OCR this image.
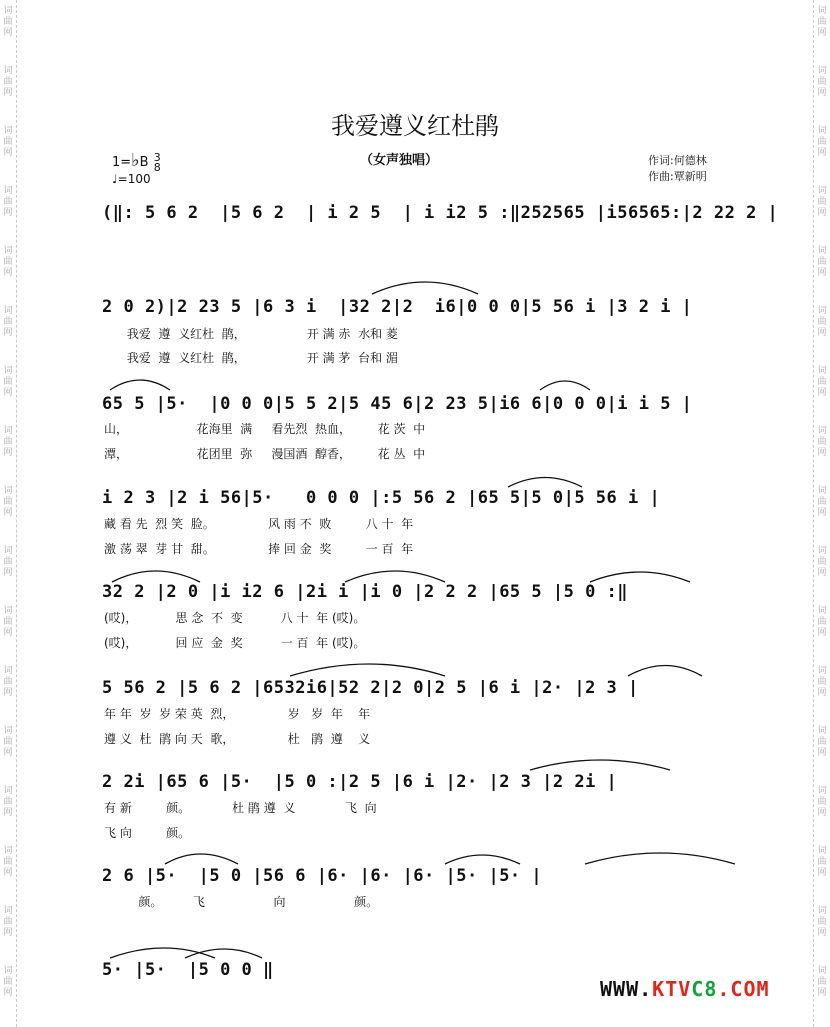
词曲网
词曲网
词曲网
词曲网
词曲网
词曲网
词曲网
词曲网
词曲网
词曲网
词曲网
词曲网
词曲网
词曲网
词曲网
词曲网
词曲网
词曲网
词曲网
词曲网
词曲网
词曲网
词曲网
词曲网
词曲网
词曲网
词曲网
词曲网
词曲网
词曲网
词曲网
词曲网
词曲网
词曲网
我爱遵义红杜鹃
（女声独唱）	作词:何德林
作曲:覃新明
1=♭B 3
8
♩=100
(‖: 5 6 2  |5 6 2  | i 2 5  | i i2 5 :‖252565 |i56565:|2 22 2 |
2 0 2)|2 23 5 |6 3 i  |32 2|2  i6|0 0 0|5 56 i |3 2 i |
我爱  遵  义红杜  鹃，                开 满 赤  水和 菱
我爱  遵  义红杜  鹃，                开 满 茅  台和 湄
65 5 |5·  |0 0 0|5 5 2|5 45 6|2 23 5|i6 6|0 0 0|i i 5 |
山，                  花海里  满     看先烈  热血，       花 茨  中
潭，                  花团里  弥     漫国酒  醇香，       花 丛  中
i 2 3 |2 i 56|5·   0 0 0 |:5 56 2 |65 5|5 0|5 56 i |
藏 看 先  烈 笑  脸。              风 雨 不  败         八 十  年
激 荡 翠  芽 甘  甜。              捧 回 金  奖         一 百  年
32 2 |2 0 |i i2 6 |2i i |i 0 |2 2 2 |65 5 |5 0 :‖
(哎)，          思 念  不  变          八 十  年 (哎)。
(哎)，          回 应  金  奖          一 百  年 (哎)。
5 56 2 |5 6 2 |6532i6|52 2|2 0|2 5 |6 i |2· |2 3 |
年 年  岁  岁 荣 英  烈，              岁   岁  年    年
遵 义  杜  鹃 向 天  歌，              杜   鹃  遵    义
2 2i |65 6 |5·  |5 0 :|2 5 |6 i |2· |2 3 |2 2i |
有 新         颜。           杜 鹃 遵  义             飞  向
飞 向         颜。
2 6 |5·  |5 0 |56 6 |6· |6· |6· |5· |5· |
颜。        飞                  向                  颜。
5· |5·  |5 0 0 ‖
WWW.KTVC8.COM
